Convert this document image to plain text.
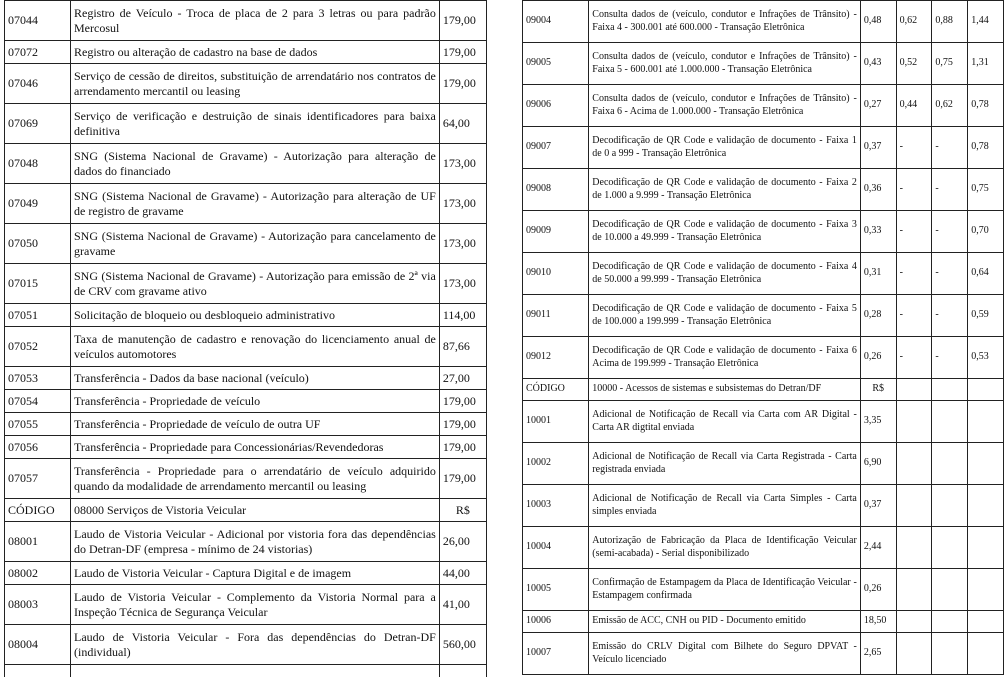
07044	Registro de Veículo - Troca de placa de 2 para 3 letras ou para padrão Mercosul	179,00
07072	Registro ou alteração de cadastro na base de dados	179,00
07046	Serviço de cessão de direitos, substituição de arrendatário nos contratos de arrendamento mercantil ou leasing	179,00
07069	Serviço de verificação e destruição de sinais identificadores para baixa definitiva	64,00
07048	SNG (Sistema Nacional de Gravame) - Autorização para alteração de dados do financiado	173,00
07049	SNG (Sistema Nacional de Gravame) - Autorização para alteração de UF de registro de gravame	173,00
07050	SNG (Sistema Nacional de Gravame) - Autorização para cancelamento de gravame	173,00
07015	SNG (Sistema Nacional de Gravame) - Autorização para emissão de 2ª via de CRV com gravame ativo	173,00
07051	Solicitação de bloqueio ou desbloqueio administrativo	114,00
07052	Taxa de manutenção de cadastro e renovação do licenciamento anual de veículos automotores	87,66
07053	Transferência - Dados da base nacional (veículo)	27,00
07054	Transferência - Propriedade de veículo	179,00
07055	Transferência - Propriedade de veículo de outra UF	179,00
07056	Transferência - Propriedade para Concessionárias/Revendedoras	179,00
07057	Transferência - Propriedade para o arrendatário de veículo adquirido quando da modalidade de arrendamento mercantil ou leasing	179,00
CÓDIGO	08000 Serviços de Vistoria Veicular	R$
08001	Laudo de Vistoria Veicular - Adicional por vistoria fora das dependências do Detran-DF (empresa - mínimo de 24 vistorias)	26,00
08002	Laudo de Vistoria Veicular - Captura Digital e de imagem	44,00
08003	Laudo de Vistoria Veicular - Complemento da Vistoria Normal para a Inspeção Técnica de Segurança Veicular	41,00
08004	Laudo de Vistoria Veicular - Fora das dependências do Detran-DF (individual)	560,00

09004	Consulta dados de (veículo, condutor e Infrações de Trânsito) - Faixa 4 - 300.001 até 600.000 - Transação Eletrônica	0,48	0,62	0,88	1,44
09005	Consulta dados de (veículo, condutor e Infrações de Trânsito) - Faixa 5 - 600.001 até 1.000.000 - Transação Eletrônica	0,43	0,52	0,75	1,31
09006	Consulta dados de (veículo, condutor e Infrações de Trânsito) - Faixa 6 - Acima de 1.000.000 - Transação Eletrônica	0,27	0,44	0,62	0,78
09007	Decodificação de QR Code e validação de documento - Faixa 1 de 0 a 999 - Transação Eletrônica	0,37	-	-	0,78
09008	Decodificação de QR Code e validação de documento - Faixa 2 de 1.000 a 9.999 - Transação Eletrônica	0,36	-	-	0,75
09009	Decodificação de QR Code e validação de documento - Faixa 3 de 10.000 a 49.999 - Transação Eletrônica	0,33	-	-	0,70
09010	Decodificação de QR Code e validação de documento - Faixa 4 de 50.000 a 99.999 - Transação Eletrônica	0,31	-	-	0,64
09011	Decodificação de QR Code e validação de documento - Faixa 5 de 100.000 a 199.999 - Transação Eletrônica	0,28	-	-	0,59
09012	Decodificação de QR Code e validação de documento - Faixa 6 Acima de 199.999 - Transação Eletrônica	0,26	-	-	0,53
CÓDIGO	10000 - Acessos de sistemas e subsistemas do Detran/DF	R$			
10001	Adicional de Notificação de Recall via Carta com AR Digital - Carta AR digtital enviada	3,35			
10002	Adicional de Notificação de Recall via Carta Registrada - Carta registrada enviada	6,90			
10003	Adicional de Notificação de Recall via Carta Simples - Carta simples enviada	0,37			
10004	Autorização de Fabricação da Placa de Identificação Veicular (semi-acabada) - Serial disponibilizado	2,44			
10005	Confirmação de Estampagem da Placa de Identificação Veicular - Estampagem confirmada	0,26			
10006	Emissão de ACC, CNH ou PID - Documento emitido	18,50			
10007	Emissão do CRLV Digital com Bilhete do Seguro DPVAT - Veículo licenciado	2,65			
